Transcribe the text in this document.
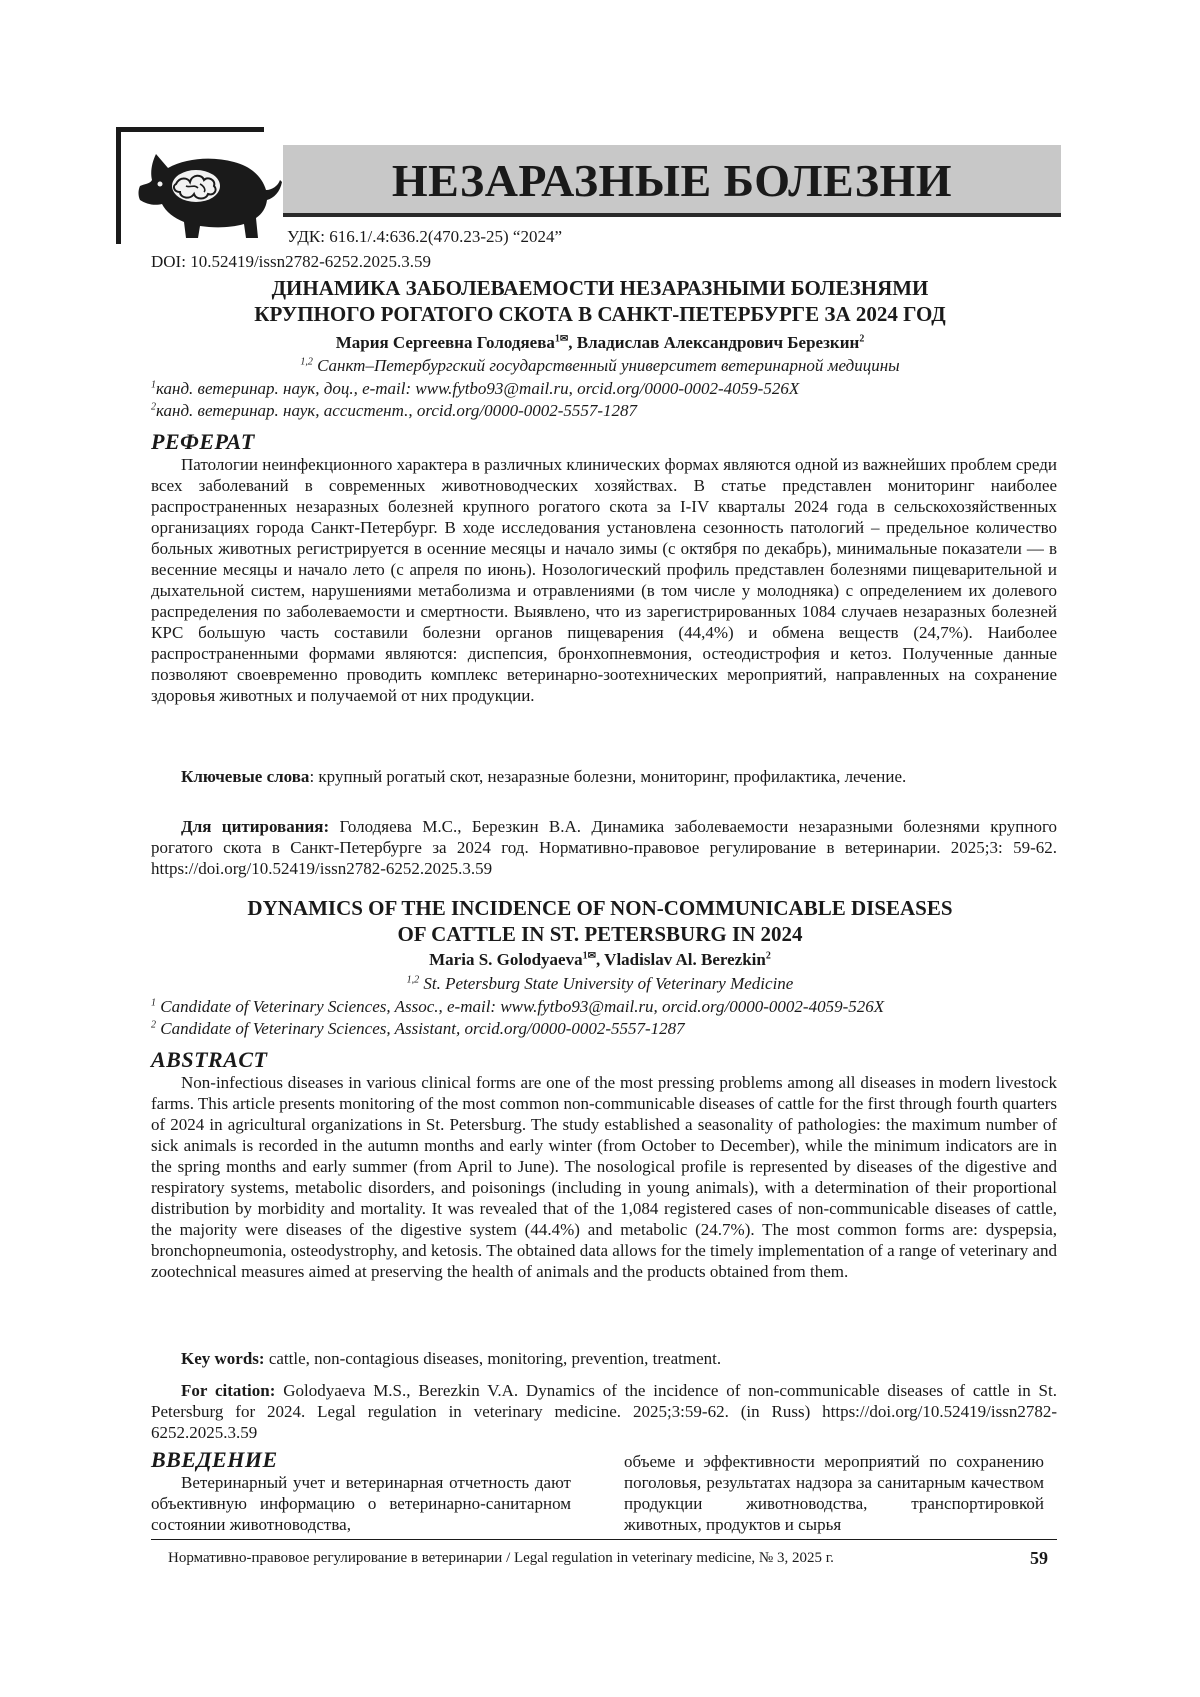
НЕЗАРАЗНЫЕ БОЛЕЗНИ
УДК: 616.1/.4:636.2(470.23-25) “2024”
DOI: 10.52419/issn2782-6252.2025.3.59
ДИНАМИКА ЗАБОЛЕВАЕМОСТИ НЕЗАРАЗНЫМИ БОЛЕЗНЯМИ
КРУПНОГО РОГАТОГО СКОТА В САНКТ-ПЕТЕРБУРГЕ ЗА 2024 ГОД
Мария Сергеевна Голодяева$^{1✉}$, Владислав Александрович Березкин$^2$
$^{1,2}$ Санкт–Петербургский государственный университет ветеринарной медицины
$^1$канд. ветеринар. наук, доц., e-mail: www.fytbo93@mail.ru, orcid.org/0000-0002-4059-526X
$^2$канд. ветеринар. наук, ассистент., orcid.org/0000-0002-5557-1287
РЕФЕРАТ
Патологии неинфекционного характера в различных клинических формах являются одной из важнейших проблем среди всех заболеваний в современных животноводческих хозяйствах. В статье представлен мониторинг наиболее распространенных незаразных болезней крупного рогатого скота за I-IV кварталы 2024 года в сельскохозяйственных организациях города Санкт-Петербург. В ходе исследования установлена сезонность патологий – предельное количество больных животных регистрируется в осенние месяцы и начало зимы (с октября по декабрь), минимальные показатели — в весенние месяцы и начало лето (с апреля по июнь). Нозологический профиль представлен болезнями пищеварительной и дыхательной систем, нарушениями метаболизма и отравлениями (в том числе у молодняка) с определением их долевого распределения по заболеваемости и смертности. Выявлено, что из зарегистрированных 1084 случаев незаразных болезней КРС большую часть составили болезни органов пищеварения (44,4%) и обмена веществ (24,7%). Наиболее распространенными формами являются: диспепсия, бронхопневмония, остеодистрофия и кетоз. Полученные данные позволяют своевременно проводить комплекс ветеринарно-зоотехнических мероприятий, направленных на сохранение здоровья животных и получаемой от них продукции.
Ключевые слова: крупный рогатый скот, незаразные болезни, мониторинг, профилактика, лечение.
Для цитирования: Голодяева М.С., Березкин В.А. Динамика заболеваемости незаразными болезнями крупного рогатого скота в Санкт-Петербурге за 2024 год. Нормативно-правовое регулирование в ветеринарии. 2025;3: 59-62. https://doi.org/10.52419/issn2782-6252.2025.3.59
DYNAMICS OF THE INCIDENCE OF NON-COMMUNICABLE DISEASES
OF CATTLE IN ST. PETERSBURG IN 2024
Maria S. Golodyaeva$^{1✉}$, Vladislav Al. Berezkin$^2$
$^{1,2}$ St. Petersburg State University of Veterinary Medicine
$^1$ Candidate of Veterinary Sciences, Assoc., e-mail: www.fytbo93@mail.ru, orcid.org/0000-0002-4059-526X
$^2$ Candidate of Veterinary Sciences, Assistant, orcid.org/0000-0002-5557-1287
ABSTRACT
Non-infectious diseases in various clinical forms are one of the most pressing problems among all diseases in modern livestock farms. This article presents monitoring of the most common non-communicable diseases of cattle for the first through fourth quarters of 2024 in agricultural organizations in St. Petersburg. The study established a seasonality of pathologies: the maximum number of sick animals is recorded in the autumn months and early winter (from October to December), while the minimum indicators are in the spring months and early summer (from April to June). The nosological profile is represented by diseases of the digestive and respiratory systems, metabolic disorders, and poisonings (including in young animals), with a determination of their proportional distribution by morbidity and mortality. It was revealed that of the 1,084 registered cases of non-communicable diseases of cattle, the majority were diseases of the digestive system (44.4%) and metabolic (24.7%). The most common forms are: dyspepsia, bronchopneumonia, osteodystrophy, and ketosis. The obtained data allows for the timely implementation of a range of veterinary and zootechnical measures aimed at preserving the health of animals and the products obtained from them.
Key words: cattle, non-contagious diseases, monitoring, prevention, treatment.
For citation: Golodyaeva M.S., Berezkin V.A. Dynamics of the incidence of non-communicable diseases of cattle in St. Petersburg for 2024. Legal regulation in veterinary medicine. 2025;3:59-62. (in Russ) https://doi.org/10.52419/issn2782-6252.2025.3.59
ВВЕДЕНИЕ
Ветеринарный учет и ветеринарная отчетность дают объективную информацию о ветеринарно-санитарном состоянии животноводства,
объеме и эффективности мероприятий по сохранению поголовья, результатах надзора за санитарным качеством продукции животноводства, транспортировкой животных, продуктов и сырья
Нормативно-правовое регулирование в ветеринарии / Legal regulation in veterinary medicine, № 3, 2025 г.	59
